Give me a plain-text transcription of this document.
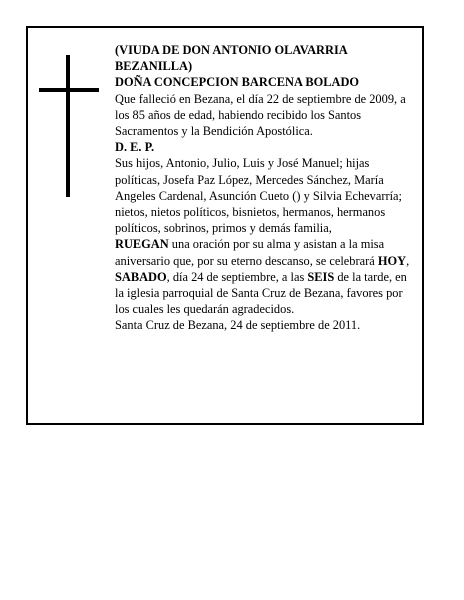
(VIUDA DE DON ANTONIO OLAVARRIA BEZANILLA)

DOÑA CONCEPCION BARCENA BOLADO

Que falleció en Bezana, el día 22 de septiembre de 2009, a los 85 años de edad, habiendo recibido los Santos Sacramentos y la Bendición Apostólica.

D. E. P.

Sus hijos, Antonio, Julio, Luis y José Manuel; hijas políticas, Josefa Paz López, Mercedes Sánchez, María Angeles Cardenal, Asunción Cueto () y Silvia Echevarría; nietos, nietos políticos, bisnietos, hermanos, hermanos políticos, sobrinos, primos y demás familia,

RUEGAN una oración por su alma y asistan a la misa aniversario que, por su eterno descanso, se celebrará HOY, SABADO, día 24 de septiembre, a las SEIS de la tarde, en la iglesia parroquial de Santa Cruz de Bezana, favores por los cuales les quedarán agradecidos.

Santa Cruz de Bezana, 24 de septiembre de 2011.
